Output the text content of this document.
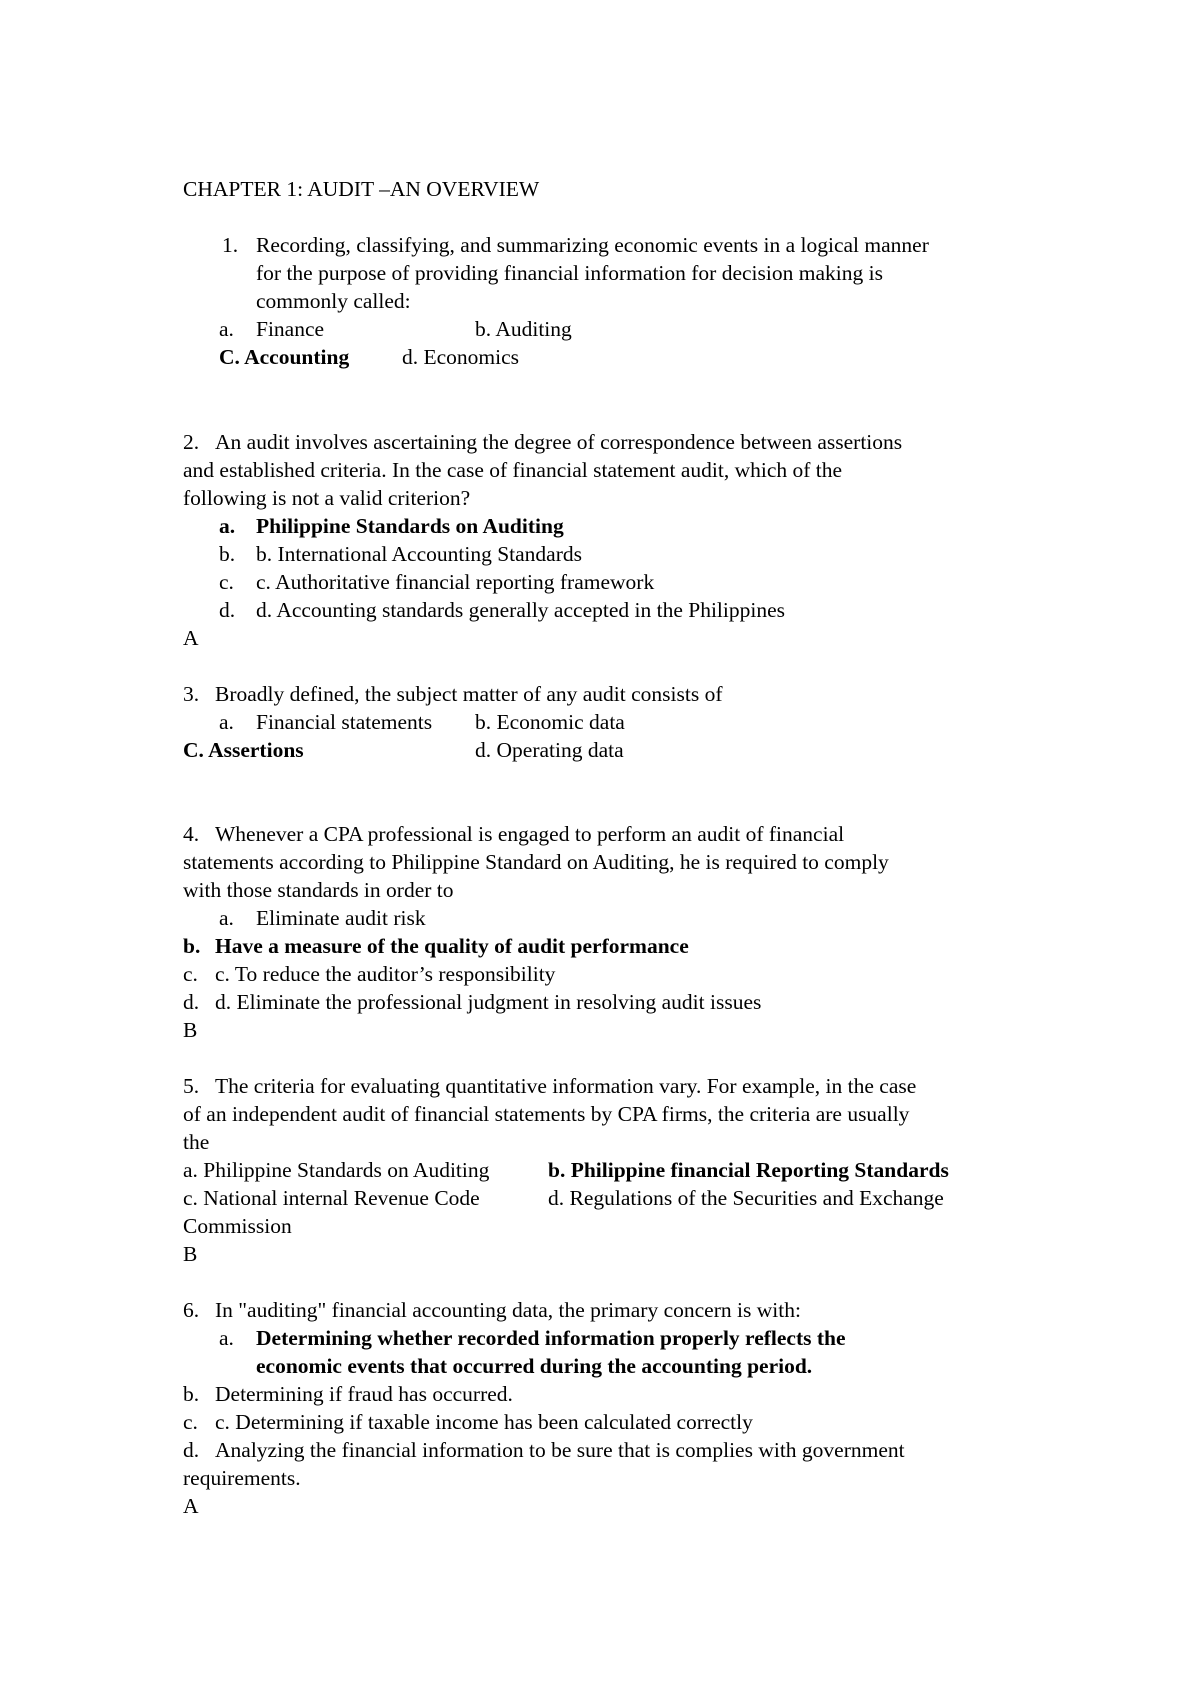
CHAPTER 1: AUDIT –AN OVERVIEW
1. Recording, classifying, and summarizing economic events in a logical manner
for the purpose of providing financial information for decision making is
commonly called:
a. Finance	b. Auditing
C. Accounting d. Economics
2. An audit involves ascertaining the degree of correspondence between assertions
and established criteria. In the case of financial statement audit, which of the
following is not a valid criterion?
a. Philippine Standards on Auditing
b. b. International Accounting Standards
c. c. Authoritative financial reporting framework
d. d. Accounting standards generally accepted in the Philippines
A
3. Broadly defined, the subject matter of any audit consists of
a. Financial statements b. Economic data
C. Assertions	d. Operating data
4. Whenever a CPA professional is engaged to perform an audit of financial
statements according to Philippine Standard on Auditing, he is required to comply
with those standards in order to
a. Eliminate audit risk
b. Have a measure of the quality of audit performance
c. c. To reduce the auditor’s responsibility
d. d. Eliminate the professional judgment in resolving audit issues
B
5. The criteria for evaluating quantitative information vary. For example, in the case
of an independent audit of financial statements by CPA firms, the criteria are usually
the
a. Philippine Standards on Auditing	b. Philippine financial Reporting Standards
c. National internal Revenue Code	d. Regulations of the Securities and Exchange
Commission
B
6. In "auditing" financial accounting data, the primary concern is with:
a. Determining whether recorded information properly reflects the
economic events that occurred during the accounting period.
b. Determining if fraud has occurred.
c. c. Determining if taxable income has been calculated correctly
d. Analyzing the financial information to be sure that is complies with government
requirements.
A
